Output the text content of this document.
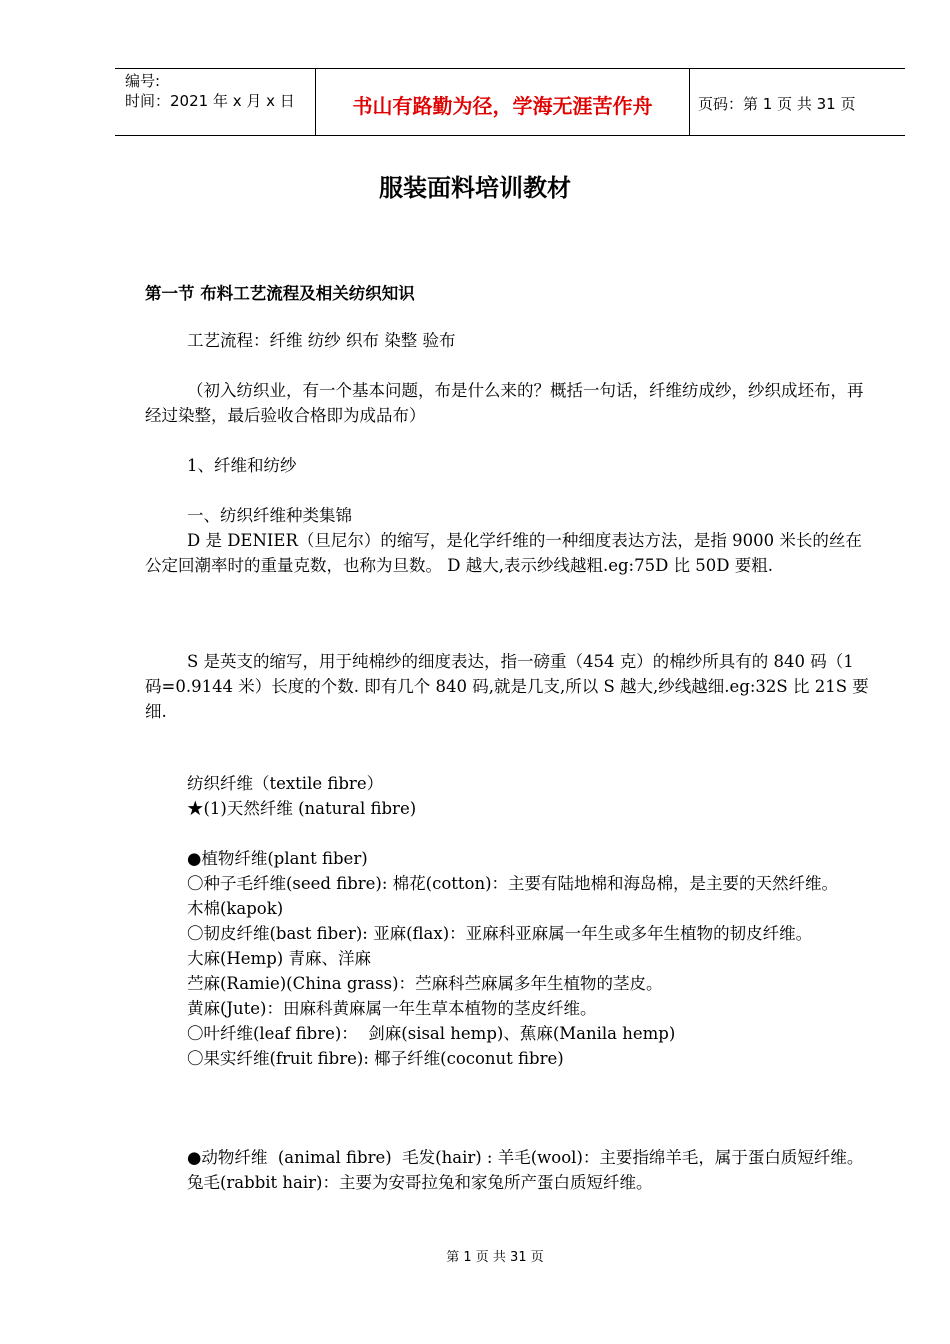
编号:
时间：2021 年 x 月 x 日	书山有路勤为径，学海无涯苦作舟	页码：第 1 页 共 31 页
服装面料培训教材
第一节 布料工艺流程及相关纺织知识
工艺流程：纤维 纺纱 织布 染整 验布
（初入纺织业，有一个基本问题，布是什么来的？概括一句话，纤维纺成纱，纱织成坯布，再经过染整，最后验收合格即为成品布）
1、纤维和纺纱
一、纺织纤维种类集锦
D 是 DENIER（旦尼尔）的缩写，是化学纤维的一种细度表达方法，是指 9000 米长的丝在公定回潮率时的重量克数，也称为旦数。 D 越大,表示纱线越粗.eg:75D 比 50D 要粗.
S 是英支的缩写，用于纯棉纱的细度表达，指一磅重（454 克）的棉纱所具有的 840 码（1 码=0.9144 米）长度的个数. 即有几个 840 码,就是几支,所以 S 越大,纱线越细.eg:32S 比 21S 要细.
纺织纤维（textile fibre）
★(1)天然纤维 (natural fibre)
●植物纤维(plant fiber)
〇种子毛纤维(seed fibre): 棉花(cotton)：主要有陆地棉和海岛棉，是主要的天然纤维。
木棉(kapok)
〇韧皮纤维(bast fiber): 亚麻(flax)：亚麻科亚麻属一年生或多年生植物的韧皮纤维。
大麻(Hemp) 青麻、洋麻
苎麻(Ramie)(China grass)：苎麻科苎麻属多年生植物的茎皮。
黄麻(Jute)：田麻科黄麻属一年生草本植物的茎皮纤维。
〇叶纤维(leaf fibre)：  剑麻(sisal hemp)、蕉麻(Manila hemp)
〇果实纤维(fruit fibre): 椰子纤维(coconut fibre)
●动物纤维  (animal fibre)  毛发(hair) : 羊毛(wool)：主要指绵羊毛，属于蛋白质短纤维。
兔毛(rabbit hair)：主要为安哥拉兔和家兔所产蛋白质短纤维。
第 1 页 共 31 页
